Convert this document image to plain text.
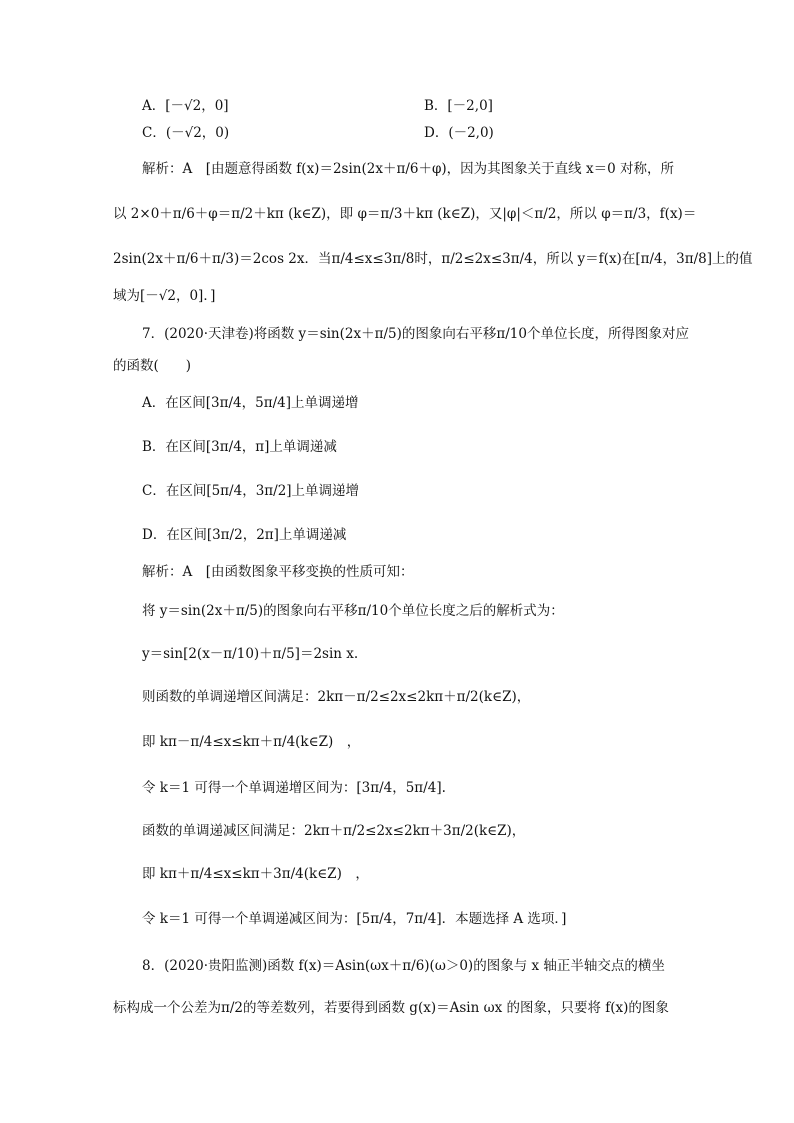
A．[－√2，0]	B．[－2,0]
C．(－√2，0)	D．(－2,0)
解析：A　[由题意得函数 f(x)＝2sin(2x＋π/6＋φ)，因为其图象关于直线 x＝0 对称，所
以 2×0＋π/6＋φ＝π/2＋kπ (k∈Z)，即 φ＝π/3＋kπ (k∈Z)，又|φ|＜π/2，所以 φ＝π/3，f(x)＝
2sin(2x＋π/6＋π/3)＝2cos 2x．当π/4≤x≤3π/8时，π/2≤2x≤3π/4，所以 y＝f(x)在[π/4，3π/8]上的值
域为[－√2，0]．]
7．(2020·天津卷)将函数 y＝sin(2x＋π/5)的图象向右平移π/10个单位长度，所得图象对应
的函数(　　)
A．在区间[3π/4，5π/4]上单调递增
B．在区间[3π/4，π]上单调递减
C．在区间[5π/4，3π/2]上单调递增
D．在区间[3π/2，2π]上单调递减
解析：A　[由函数图象平移变换的性质可知：
将 y＝sin(2x＋π/5)的图象向右平移π/10个单位长度之后的解析式为：
y＝sin[2(x－π/10)＋π/5]＝2sin x.
则函数的单调递增区间满足：2kπ－π/2≤2x≤2kπ＋π/2(k∈Z)，
即 kπ－π/4≤x≤kπ＋π/4(k∈Z)　，
令 k＝1 可得一个单调递增区间为：[3π/4，5π/4].
函数的单调递减区间满足：2kπ＋π/2≤2x≤2kπ＋3π/2(k∈Z)，
即 kπ＋π/4≤x≤kπ＋3π/4(k∈Z)　，
令 k＝1 可得一个单调递减区间为：[5π/4，7π/4]．本题选择 A 选项．]
8．(2020·贵阳监测)函数 f(x)＝Asin(ωx＋π/6)(ω＞0)的图象与 x 轴正半轴交点的横坐
标构成一个公差为π/2的等差数列，若要得到函数 g(x)＝Asin ωx 的图象，只要将 f(x)的图象
